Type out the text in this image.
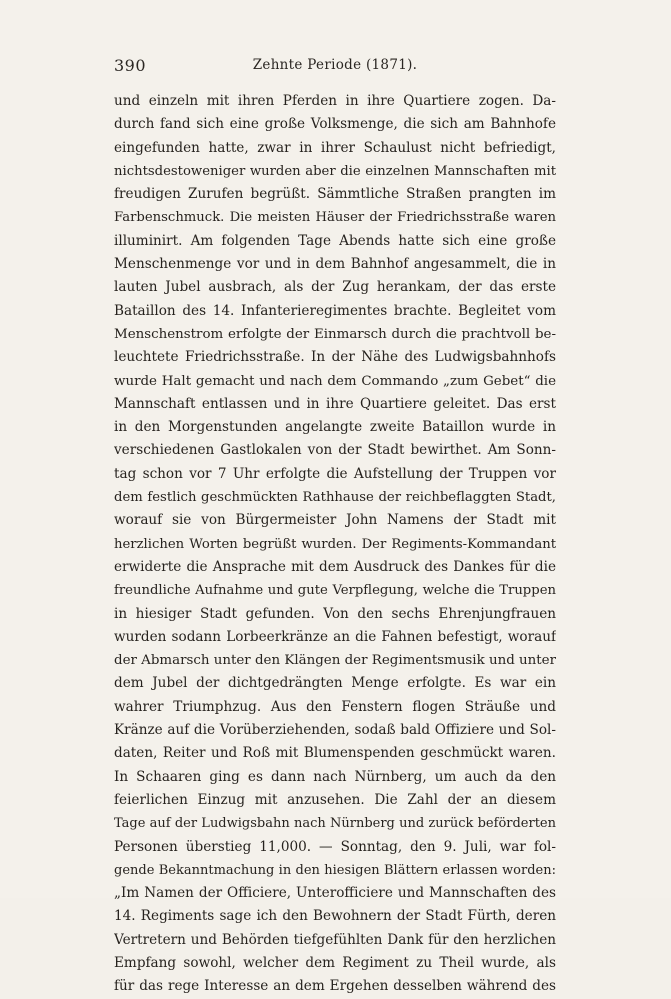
390	Zehnte Periode (1871).
und einzeln mit ihren Pferden in ihre Quartiere zogen. Da-
durch fand sich eine große Volksmenge, die sich am Bahnhofe
eingefunden hatte, zwar in ihrer Schaulust nicht befriedigt,
nichtsdestoweniger wurden aber die einzelnen Mannschaften mit
freudigen Zurufen begrüßt. Sämmtliche Straßen prangten im
Farbenschmuck. Die meisten Häuser der Friedrichsstraße waren
illuminirt. Am folgenden Tage Abends hatte sich eine große
Menschenmenge vor und in dem Bahnhof angesammelt, die in
lauten Jubel ausbrach, als der Zug herankam, der das erste
Bataillon des 14. Infanterieregimentes brachte. Begleitet vom
Menschenstrom erfolgte der Einmarsch durch die prachtvoll be-
leuchtete Friedrichsstraße. In der Nähe des Ludwigsbahnhofs
wurde Halt gemacht und nach dem Commando „zum Gebet“ die
Mannschaft entlassen und in ihre Quartiere geleitet. Das erst
in den Morgenstunden angelangte zweite Bataillon wurde in
verschiedenen Gastlokalen von der Stadt bewirthet. Am Sonn-
tag schon vor 7 Uhr erfolgte die Aufstellung der Truppen vor
dem festlich geschmückten Rathhause der reichbeflaggten Stadt,
worauf sie von Bürgermeister John Namens der Stadt mit
herzlichen Worten begrüßt wurden. Der Regiments-Kommandant
erwiderte die Ansprache mit dem Ausdruck des Dankes für die
freundliche Aufnahme und gute Verpflegung, welche die Truppen
in hiesiger Stadt gefunden. Von den sechs Ehrenjungfrauen
wurden sodann Lorbeerkränze an die Fahnen befestigt, worauf
der Abmarsch unter den Klängen der Regimentsmusik und unter
dem Jubel der dichtgedrängten Menge erfolgte. Es war ein
wahrer Triumphzug. Aus den Fenstern flogen Sträuße und
Kränze auf die Vorüberziehenden, sodaß bald Offiziere und Sol-
daten, Reiter und Roß mit Blumenspenden geschmückt waren.
In Schaaren ging es dann nach Nürnberg, um auch da den
feierlichen Einzug mit anzusehen. Die Zahl der an diesem
Tage auf der Ludwigsbahn nach Nürnberg und zurück beförderten
Personen überstieg 11,000. — Sonntag, den 9. Juli, war fol-
gende Bekanntmachung in den hiesigen Blättern erlassen worden:
„Im Namen der Officiere, Unterofficiere und Mannschaften des
14. Regiments sage ich den Bewohnern der Stadt Fürth, deren
Vertretern und Behörden tiefgefühlten Dank für den herzlichen
Empfang sowohl, welcher dem Regiment zu Theil wurde, als
für das rege Interesse an dem Ergehen desselben während des
